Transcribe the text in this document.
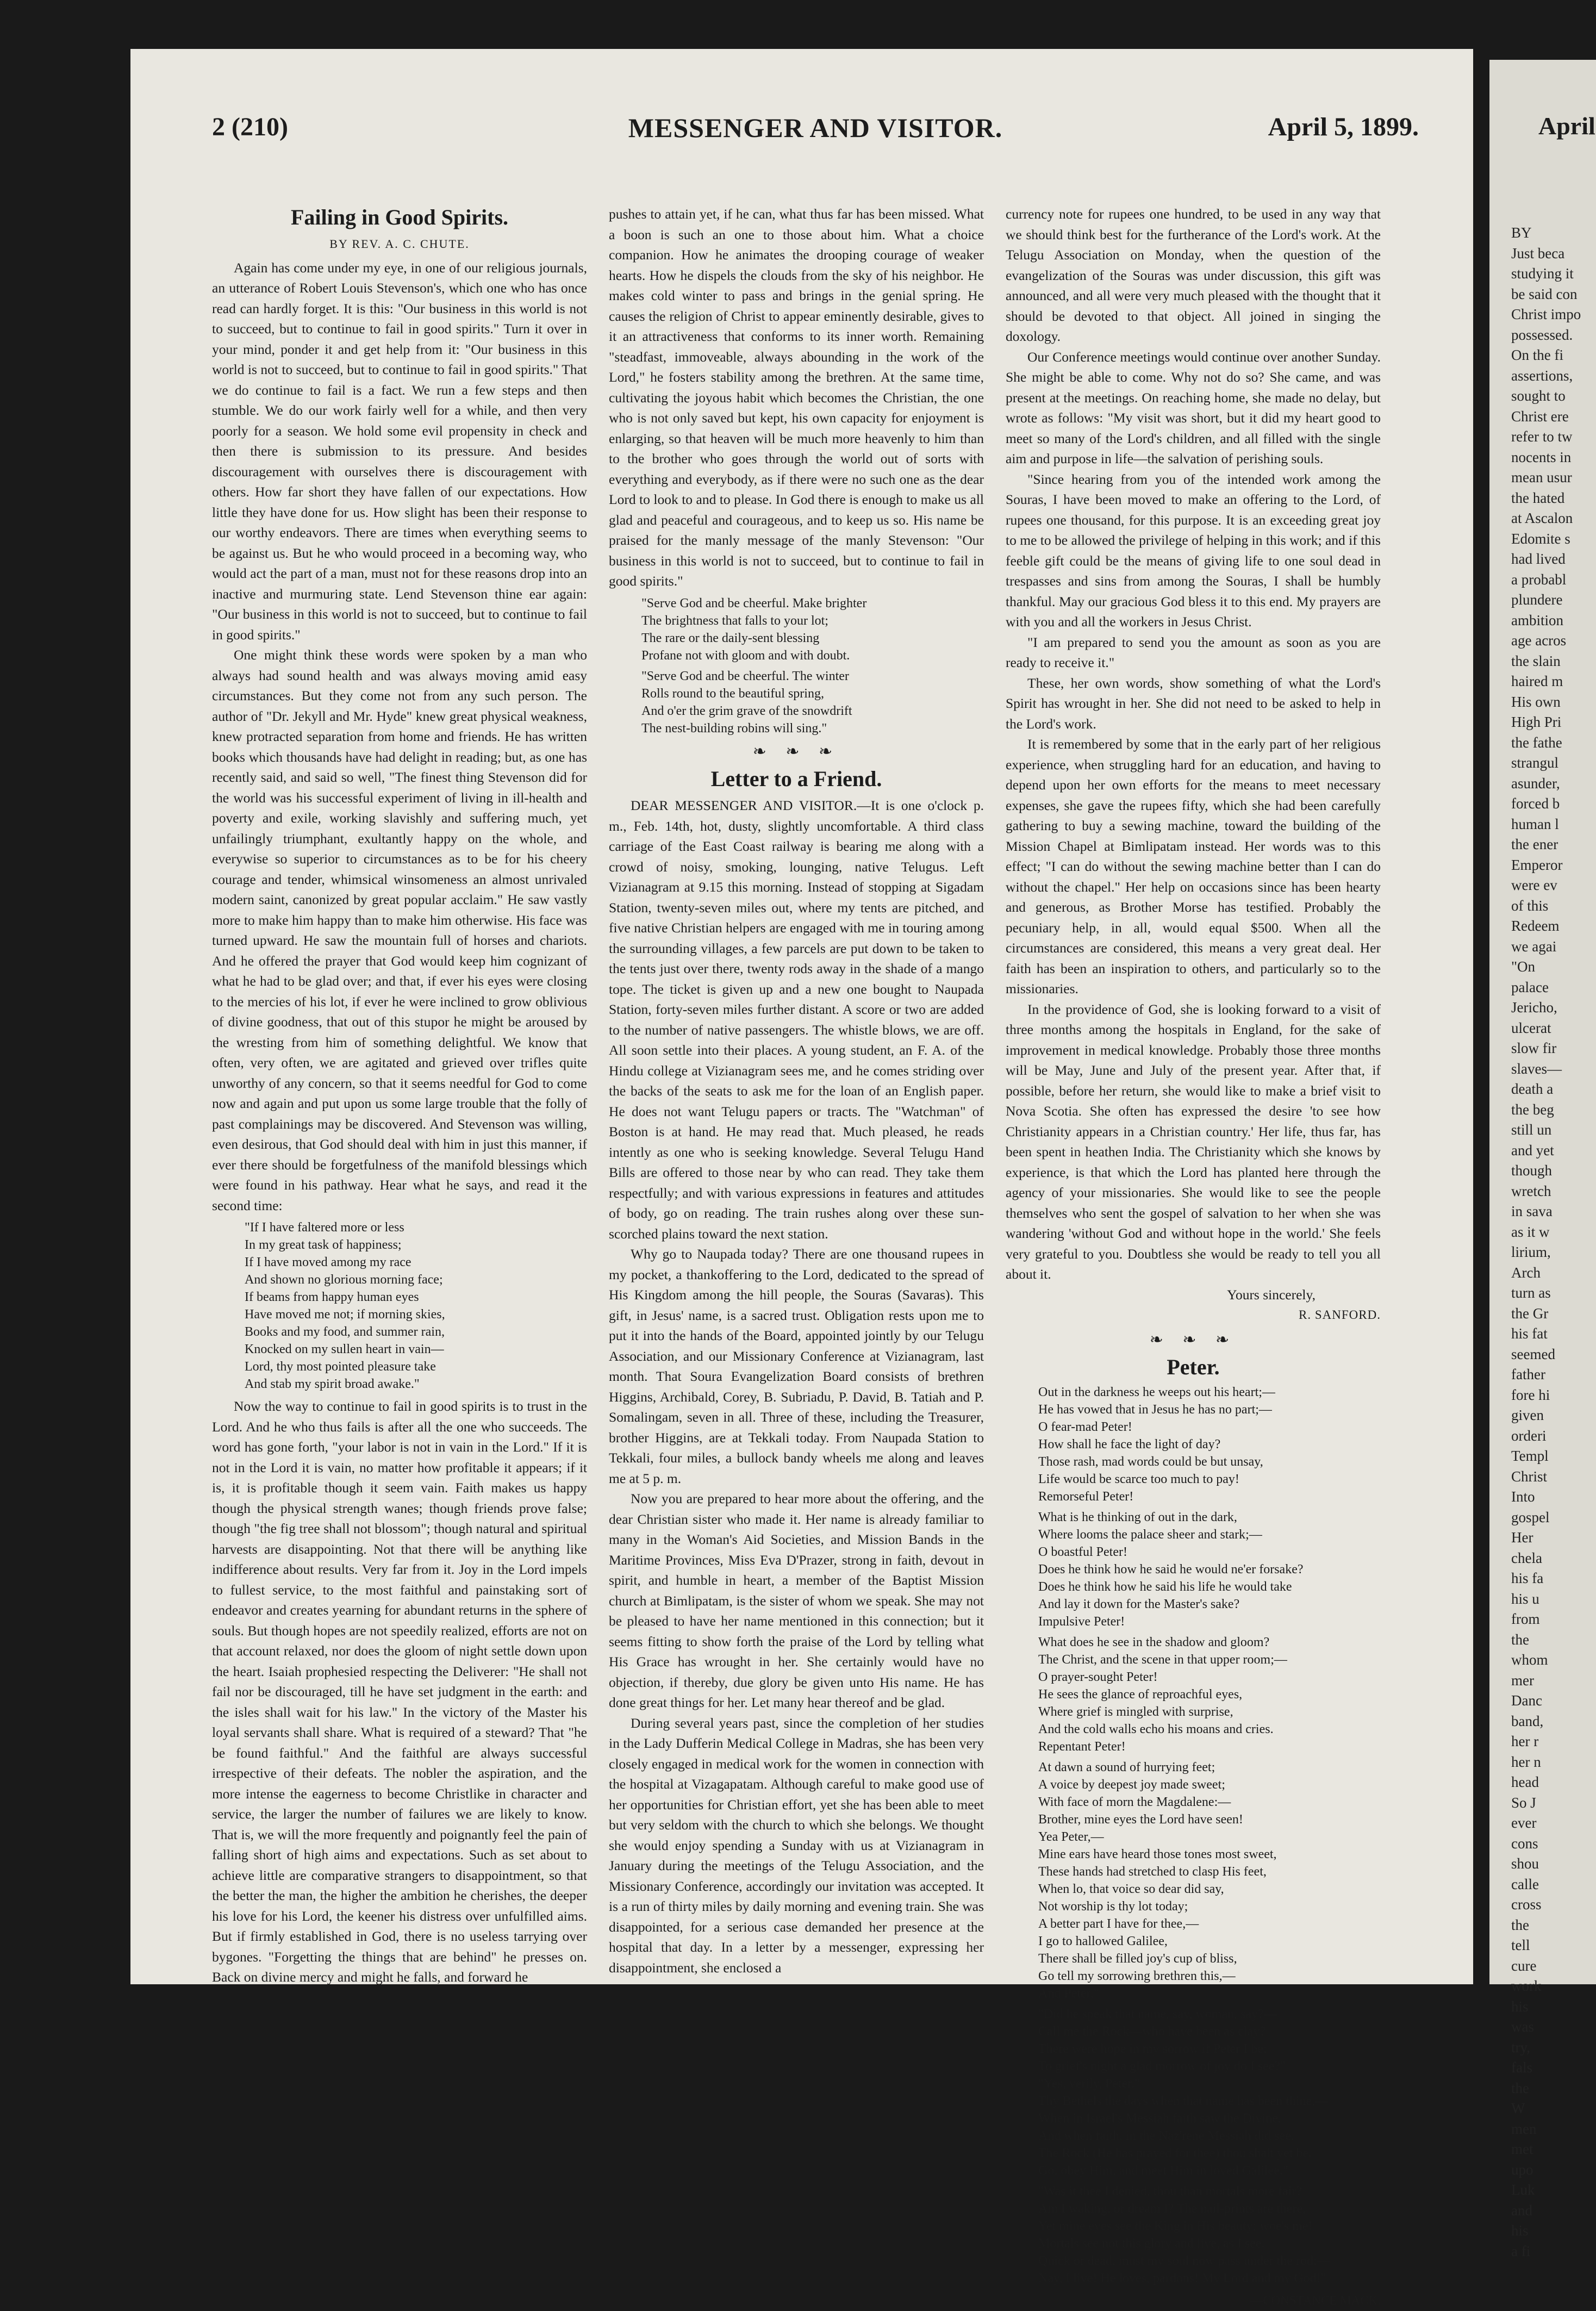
2 (210)	MESSENGER AND VISITOR.	April 5, 1899.
Failing in Good Spirits.
BY REV. A. C. CHUTE.

Again has come under my eye, in one of our religious journals, an utterance of Robert Louis Stevenson's, which one who has once read can hardly forget. It is this: "Our business in this world is not to succeed, but to continue to fail in good spirits." Turn it over in your mind, ponder it and get help from it: "Our business in this world is not to succeed, but to continue to fail in good spirits." That we do continue to fail is a fact. We run a few steps and then stumble. We do our work fairly well for a while, and then very poorly for a season. We hold some evil propensity in check and then there is submission to its pressure. And besides discouragement with ourselves there is discouragement with others. How far short they have fallen of our expectations. How little they have done for us. How slight has been their response to our worthy endeavors. There are times when everything seems to be against us. But he who would proceed in a becoming way, who would act the part of a man, must not for these reasons drop into an inactive and murmuring state. Lend Stevenson thine ear again: "Our business in this world is not to succeed, but to continue to fail in good spirits."

One might think these words were spoken by a man who always had sound health and was always moving amid easy circumstances. But they come not from any such person. The author of "Dr. Jekyll and Mr. Hyde" knew great physical weakness, knew protracted separation from home and friends. He has written books which thousands have had delight in reading; but, as one has recently said, and said so well, "The finest thing Stevenson did for the world was his successful experiment of living in ill-health and poverty and exile, working slavishly and suffering much, yet unfailingly triumphant, exultantly happy on the whole, and everywise so superior to circumstances as to be for his cheery courage and tender, whimsical winsomeness an almost unrivaled modern saint, canonized by great popular acclaim." He saw vastly more to make him happy than to make him otherwise. His face was turned upward. He saw the mountain full of horses and chariots. And he offered the prayer that God would keep him cognizant of what he had to be glad over; and that, if ever his eyes were closing to the mercies of his lot, if ever he were inclined to grow oblivious of divine goodness, that out of this stupor he might be aroused by the wresting from him of something delightful. We know that often, very often, we are agitated and grieved over trifles quite unworthy of any concern, so that it seems needful for God to come now and again and put upon us some large trouble that the folly of past complainings may be discovered. And Stevenson was willing, even desirous, that God should deal with him in just this manner, if ever there should be forgetfulness of the manifold blessings which were found in his pathway. Hear what he says, and read it the second time:

"If I have faltered more or less
In my great task of happiness;
If I have moved among my race
And shown no glorious morning face;
If beams from happy human eyes
Have moved me not; if morning skies,
Books and my food, and summer rain,
Knocked on my sullen heart in vain—
Lord, thy most pointed pleasure take
And stab my spirit broad awake."

Now the way to continue to fail in good spirits is to trust in the Lord. And he who thus fails is after all the one who succeeds. The word has gone forth, "your labor is not in vain in the Lord." If it is not in the Lord it is vain, no matter how profitable it appears; if it is, it is profitable though it seem vain. Faith makes us happy though the physical strength wanes; though friends prove false; though "the fig tree shall not blossom"; though natural and spiritual harvests are disappointing. Not that there will be anything like indifference about results. Very far from it. Joy in the Lord impels to fullest service, to the most faithful and painstaking sort of endeavor and creates yearning for abundant returns in the sphere of souls. But though hopes are not speedily realized, efforts are not on that account relaxed, nor does the gloom of night settle down upon the heart. Isaiah prophesied respecting the Deliverer: "He shall not fail nor be discouraged, till he have set judgment in the earth: and the isles shall wait for his law." In the victory of the Master his loyal servants shall share. What is required of a steward? That "he be found faithful." And the faithful are always successful irrespective of their defeats. The nobler the aspiration, and the more intense the eagerness to become Christlike in character and service, the larger the number of failures we are likely to know. That is, we will the more frequently and poignantly feel the pain of falling short of high aims and expectations. Such as set about to achieve little are comparative strangers to disappointment, so that the better the man, the higher the ambition he cherishes, the deeper his love for his Lord, the keener his distress over unfulfilled aims. But if firmly established in God, there is no useless tarrying over bygones. "Forgetting the things that are behind" he presses on. Back on divine mercy and might he falls, and forward he

pushes to attain yet, if he can, what thus far has been missed. What a boon is such an one to those about him. What a choice companion. How he animates the drooping courage of weaker hearts. How he dispels the clouds from the sky of his neighbor. He makes cold winter to pass and brings in the genial spring. He causes the religion of Christ to appear eminently desirable, gives to it an attractiveness that conforms to its inner worth. Remaining "steadfast, immoveable, always abounding in the work of the Lord," he fosters stability among the brethren. At the same time, cultivating the joyous habit which becomes the Christian, the one who is not only saved but kept, his own capacity for enjoyment is enlarging, so that heaven will be much more heavenly to him than to the brother who goes through the world out of sorts with everything and everybody, as if there were no such one as the dear Lord to look to and to please. In God there is enough to make us all glad and peaceful and courageous, and to keep us so. His name be praised for the manly message of the manly Stevenson: "Our business in this world is not to succeed, but to continue to fail in good spirits."

"Serve God and be cheerful. Make brighter
The brightness that falls to your lot;
The rare or the daily-sent blessing
Profane not with gloom and with doubt.
"Serve God and be cheerful. The winter
Rolls round to the beautiful spring,
And o'er the grim grave of the snowdrift
The nest-building robins will sing."
❧ ❧ ❧
Letter to a Friend.

DEAR MESSENGER AND VISITOR.—It is one o'clock p. m., Feb. 14th, hot, dusty, slightly uncomfortable. A third class carriage of the East Coast railway is bearing me along with a crowd of noisy, smoking, lounging, native Telugus. Left Vizianagram at 9.15 this morning. Instead of stopping at Sigadam Station, twenty-seven miles out, where my tents are pitched, and five native Christian helpers are engaged with me in touring among the surrounding villages, a few parcels are put down to be taken to the tents just over there, twenty rods away in the shade of a mango tope. The ticket is given up and a new one bought to Naupada Station, forty-seven miles further distant. A score or two are added to the number of native passengers. The whistle blows, we are off. All soon settle into their places. A young student, an F. A. of the Hindu college at Vizianagram sees me, and he comes striding over the backs of the seats to ask me for the loan of an English paper. He does not want Telugu papers or tracts. The "Watchman" of Boston is at hand. He may read that. Much pleased, he reads intently as one who is seeking knowledge. Several Telugu Hand Bills are offered to those near by who can read. They take them respectfully; and with various expressions in features and attitudes of body, go on reading. The train rushes along over these sun-scorched plains toward the next station.

Why go to Naupada today? There are one thousand rupees in my pocket, a thankoffering to the Lord, dedicated to the spread of His Kingdom among the hill people, the Souras (Savaras). This gift, in Jesus' name, is a sacred trust. Obligation rests upon me to put it into the hands of the Board, appointed jointly by our Telugu Association, and our Missionary Conference at Vizianagram, last month. That Soura Evangelization Board consists of brethren Higgins, Archibald, Corey, B. Subriadu, P. David, B. Tatiah and P. Somalingam, seven in all. Three of these, including the Treasurer, brother Higgins, are at Tekkali today. From Naupada Station to Tekkali, four miles, a bullock bandy wheels me along and leaves me at 5 p. m.

Now you are prepared to hear more about the offering, and the dear Christian sister who made it. Her name is already familiar to many in the Woman's Aid Societies, and Mission Bands in the Maritime Provinces, Miss Eva D'Prazer, strong in faith, devout in spirit, and humble in heart, a member of the Baptist Mission church at Bimlipatam, is the sister of whom we speak. She may not be pleased to have her name mentioned in this connection; but it seems fitting to show forth the praise of the Lord by telling what His Grace has wrought in her. She certainly would have no objection, if thereby, due glory be given unto His name. He has done great things for her. Let many hear thereof and be glad.

During several years past, since the completion of her studies in the Lady Dufferin Medical College in Madras, she has been very closely engaged in medical work for the women in connection with the hospital at Vizagapatam. Although careful to make good use of her opportunities for Christian effort, yet she has been able to meet but very seldom with the church to which she belongs. We thought she would enjoy spending a Sunday with us at Vizianagram in January during the meetings of the Telugu Association, and the Missionary Conference, accordingly our invitation was accepted. It is a run of thirty miles by daily morning and evening train. She was disappointed, for a serious case demanded her presence at the hospital that day. In a letter by a messenger, expressing her disappointment, she enclosed a

currency note for rupees one hundred, to be used in any way that we should think best for the furtherance of the Lord's work. At the Telugu Association on Monday, when the question of the evangelization of the Souras was under discussion, this gift was announced, and all were very much pleased with the thought that it should be devoted to that object. All joined in singing the doxology.

Our Conference meetings would continue over another Sunday. She might be able to come. Why not do so? She came, and was present at the meetings. On reaching home, she made no delay, but wrote as follows: "My visit was short, but it did my heart good to meet so many of the Lord's children, and all filled with the single aim and purpose in life—the salvation of perishing souls.

"Since hearing from you of the intended work among the Souras, I have been moved to make an offering to the Lord, of rupees one thousand, for this purpose. It is an exceeding great joy to me to be allowed the privilege of helping in this work; and if this feeble gift could be the means of giving life to one soul dead in trespasses and sins from among the Souras, I shall be humbly thankful. May our gracious God bless it to this end. My prayers are with you and all the workers in Jesus Christ.

"I am prepared to send you the amount as soon as you are ready to receive it."

These, her own words, show something of what the Lord's Spirit has wrought in her. She did not need to be asked to help in the Lord's work.

It is remembered by some that in the early part of her religious experience, when struggling hard for an education, and having to depend upon her own efforts for the means to meet necessary expenses, she gave the rupees fifty, which she had been carefully gathering to buy a sewing machine, toward the building of the Mission Chapel at Bimlipatam instead. Her words was to this effect; "I can do without the sewing machine better than I can do without the chapel." Her help on occasions since has been hearty and generous, as Brother Morse has testified. Probably the pecuniary help, in all, would equal $500. When all the circumstances are considered, this means a very great deal. Her faith has been an inspiration to others, and particularly so to the missionaries.

In the providence of God, she is looking forward to a visit of three months among the hospitals in England, for the sake of improvement in medical knowledge. Probably those three months will be May, June and July of the present year. After that, if possible, before her return, she would like to make a brief visit to Nova Scotia. She often has expressed the desire 'to see how Christianity appears in a Christian country.' Her life, thus far, has been spent in heathen India. The Christianity which she knows by experience, is that which the Lord has planted here through the agency of your missionaries. She would like to see the people themselves who sent the gospel of salvation to her when she was wandering 'without God and without hope in the world.' She feels very grateful to you. Doubtless she would be ready to tell you all about it.

Yours sincerely,
R. SANFORD.
❧ ❧ ❧
Peter.
Out in the darkness he weeps out his heart;—
He has vowed that in Jesus he has no part;—
O fear-mad Peter!
How shall he face the light of day?
Those rash, mad words could be but unsay,
Life would be scarce too much to pay!
Remorseful Peter!
What is he thinking of out in the dark,
Where looms the palace sheer and stark;—
O boastful Peter!
Does he think how he said he would ne'er forsake?
Does he think how he said his life he would take
And lay it down for the Master's sake?
Impulsive Peter!
What does he see in the shadow and gloom?
The Christ, and the scene in that upper room;—
O prayer-sought Peter!
He sees the glance of reproachful eyes,
Where grief is mingled with surprise,
And the cold walls echo his moans and cries.
Repentant Peter!
At dawn a sound of hurrying feet;
A voice by deepest joy made sweet;
With face of morn the Magdalene:—
Brother, mine eyes the Lord have seen!
Yea Peter,—
Mine ears have heard those tones most sweet,
These hands had stretched to clasp His feet,
When lo, that voice so dear did say,
Not worship is thy lot today;
A better part I have for thee,—
I go to hallowed Galilee,
There shall be filled joy's cup of bliss,
Go tell my sorrowing brethren this,—
And Peter,"
"Did he speak that name, say, woman, say?—
Call me the Rock—who have been as clay?
There were hope in my sorrow if Peter I be;
To grief's night a glad morrow of joy do I see?"
"Yes, verily, Peter."
Thy Bethels the days when that name has been thine,—
When in Israel's Messiah faith saw the Divine,
And when faith, in the Naz'rene Messiah did see,
The Rock (He has prayed for thee) thou shalt yet be.
Go, obey Him, and meet Him in loved Galilee."
"Was it thee I denied, thou than mortals more fair?
Am I waking, or dream I? The nail-prints are there,
Yet mine eyes see the King in His beauty; woe's me!
Mortals see not this glory and live, as I see.
Quick or dead, must my soul now pass under the rod;—
Nay, I live! He loves, pardons! My Lord and my God!"
—CONSTANCE MACK.
April
BY
Just beca
studying it
be said con
Christ impo
possessed.
On the fi
assertions,
sought to
Christ ere
refer to tw
nocents in
mean usur
the hated
at Ascalon
Edomite s
had lived
a probabl
plundere
ambition
age acros
the slain
haired m
His own
High Pri
the fathe
strangul
asunder,
forced b
human l
the ener
Emperor
were ev
of this
Redeem
we agai
"On
palace
Jericho,
ulcerat
slow fir
slaves—
death a
the beg
still un
and yet
though
wretch
in sava
as it w
lirium,
Arch
turn as
the Gr
his fat
seemed
father
fore hi
given
orderi
Templ
Christ
Into
gospel
Her
chela
his fa
his u
from
the
whom
mer
Danc
band,
her r
her n
head
So J
ever
cons
shou
calle
cross
the
tell
cure
work
his
was
try,
fals
the
W
men
met
upo
Luk
and
his
a fi
